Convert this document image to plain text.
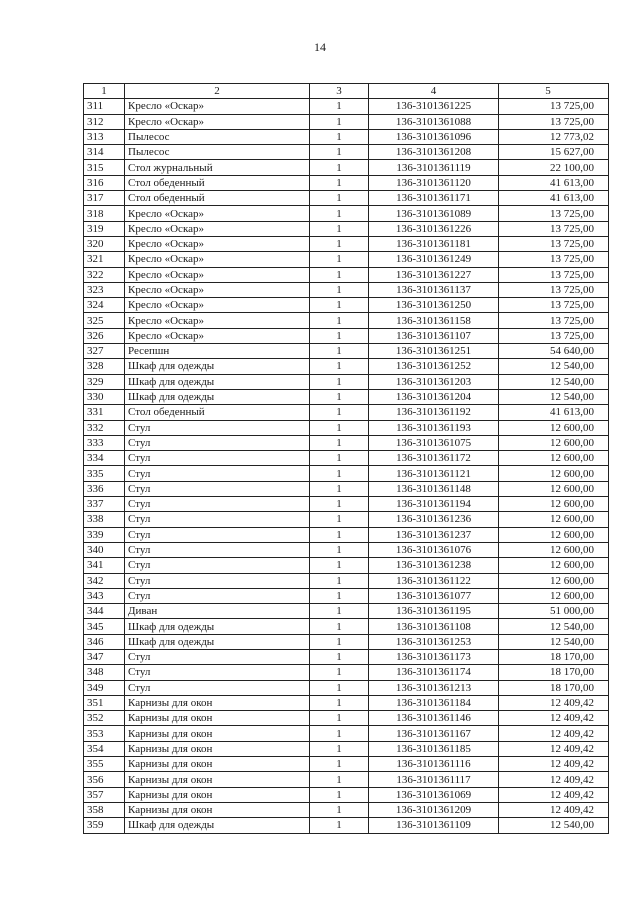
14
1	2	3	4	5
311	Кресло «Оскар»	1	136-3101361225	13 725,00
312	Кресло «Оскар»	1	136-3101361088	13 725,00
313	Пылесос	1	136-3101361096	12 773,02
314	Пылесос	1	136-3101361208	15 627,00
315	Стол журнальный	1	136-3101361119	22 100,00
316	Стол обеденный	1	136-3101361120	41 613,00
317	Стол обеденный	1	136-3101361171	41 613,00
318	Кресло «Оскар»	1	136-3101361089	13 725,00
319	Кресло «Оскар»	1	136-3101361226	13 725,00
320	Кресло «Оскар»	1	136-3101361181	13 725,00
321	Кресло «Оскар»	1	136-3101361249	13 725,00
322	Кресло «Оскар»	1	136-3101361227	13 725,00
323	Кресло «Оскар»	1	136-3101361137	13 725,00
324	Кресло «Оскар»	1	136-3101361250	13 725,00
325	Кресло «Оскар»	1	136-3101361158	13 725,00
326	Кресло «Оскар»	1	136-3101361107	13 725,00
327	Ресепшн	1	136-3101361251	54 640,00
328	Шкаф для одежды	1	136-3101361252	12 540,00
329	Шкаф для одежды	1	136-3101361203	12 540,00
330	Шкаф для одежды	1	136-3101361204	12 540,00
331	Стол обеденный	1	136-3101361192	41 613,00
332	Стул	1	136-3101361193	12 600,00
333	Стул	1	136-3101361075	12 600,00
334	Стул	1	136-3101361172	12 600,00
335	Стул	1	136-3101361121	12 600,00
336	Стул	1	136-3101361148	12 600,00
337	Стул	1	136-3101361194	12 600,00
338	Стул	1	136-3101361236	12 600,00
339	Стул	1	136-3101361237	12 600,00
340	Стул	1	136-3101361076	12 600,00
341	Стул	1	136-3101361238	12 600,00
342	Стул	1	136-3101361122	12 600,00
343	Стул	1	136-3101361077	12 600,00
344	Диван	1	136-3101361195	51 000,00
345	Шкаф для одежды	1	136-3101361108	12 540,00
346	Шкаф для одежды	1	136-3101361253	12 540,00
347	Стул	1	136-3101361173	18 170,00
348	Стул	1	136-3101361174	18 170,00
349	Стул	1	136-3101361213	18 170,00
351	Карнизы для окон	1	136-3101361184	12 409,42
352	Карнизы для окон	1	136-3101361146	12 409,42
353	Карнизы для окон	1	136-3101361167	12 409,42
354	Карнизы для окон	1	136-3101361185	12 409,42
355	Карнизы для окон	1	136-3101361116	12 409,42
356	Карнизы для окон	1	136-3101361117	12 409,42
357	Карнизы для окон	1	136-3101361069	12 409,42
358	Карнизы для окон	1	136-3101361209	12 409,42
359	Шкаф для одежды	1	136-3101361109	12 540,00
